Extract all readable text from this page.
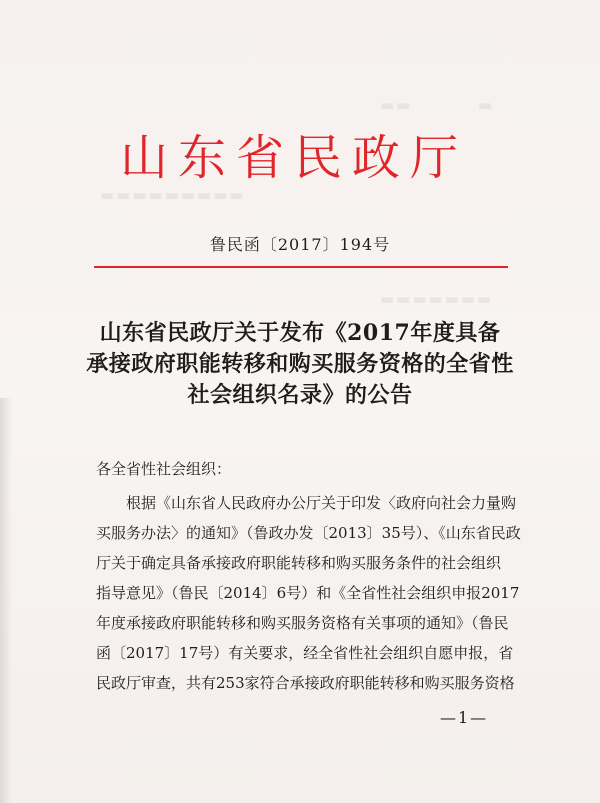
▬
▬▬
▬▬▬▬▬▬▬▬▬
▬▬▬▬▬▬▬
山东省民政厅
鲁民函〔2017〕194号
山东省民政厅关于发布《2017年度具备
承接政府职能转移和购买服务资格的全省性
社会组织名录》的公告
各全省性社会组织：
根据《山东省人民政府办公厅关于印发〈政府向社会力量购
买服务办法〉的通知》（鲁政办发〔2013〕35号）、《山东省民政
厅关于确定具备承接政府职能转移和购买服务条件的社会组织
指导意见》（鲁民〔2014〕6号）和《全省性社会组织申报2017
年度承接政府职能转移和购买服务资格有关事项的通知》（鲁民
函〔2017〕17号）有关要求，经全省性社会组织自愿申报，省
民政厅审查，共有253家符合承接政府职能转移和购买服务资格
—1—
